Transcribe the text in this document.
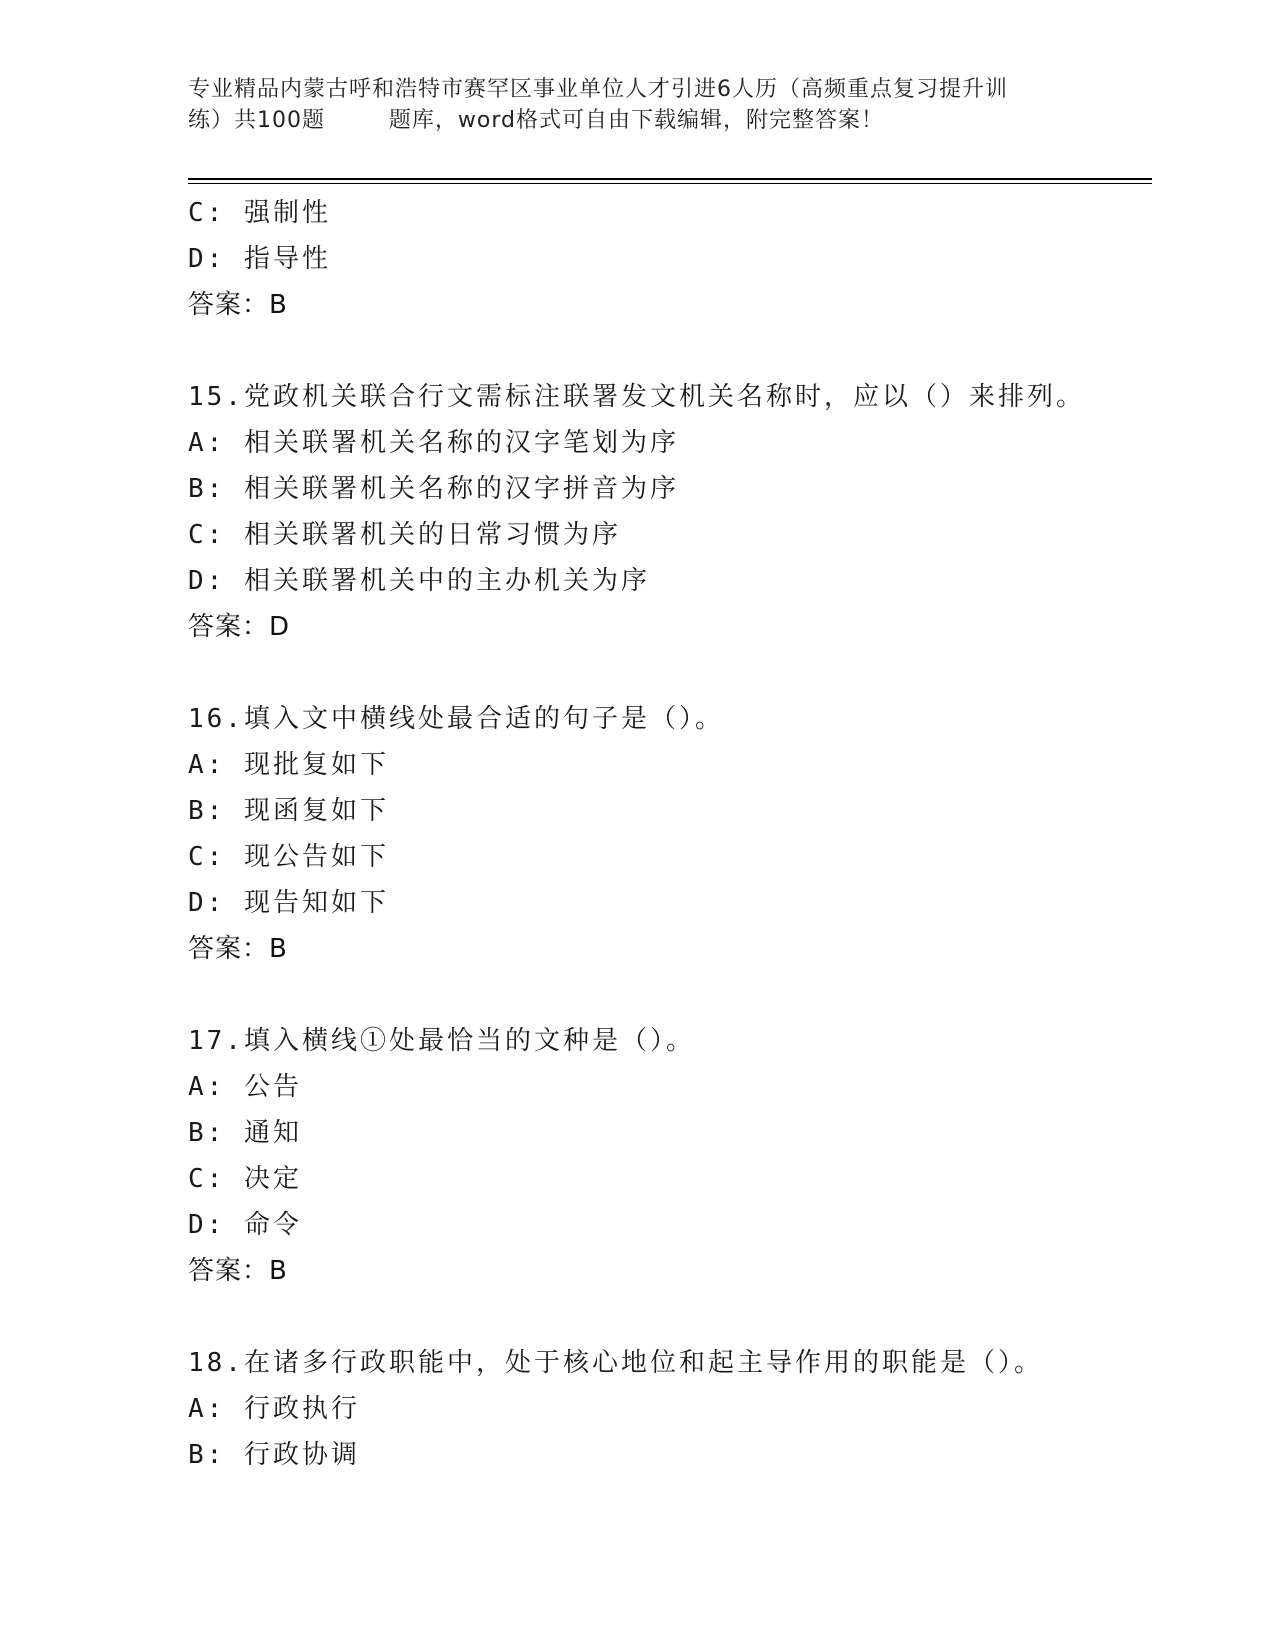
专业精品内蒙古呼和浩特市赛罕区事业单位人才引进6人历（高频重点复习提升训
练）共100题        题库，word格式可自由下载编辑，附完整答案！
C: 强制性
D: 指导性
答案：B
15.党政机关联合行文需标注联署发文机关名称时，应以（）来排列。
A: 相关联署机关名称的汉字笔划为序
B: 相关联署机关名称的汉字拼音为序
C: 相关联署机关的日常习惯为序
D: 相关联署机关中的主办机关为序
答案：D
16.填入文中横线处最合适的句子是（）。
A: 现批复如下
B: 现函复如下
C: 现公告如下
D: 现告知如下
答案：B
17.填入横线①处最恰当的文种是（）。
A: 公告
B: 通知
C: 决定
D: 命令
答案：B
18.在诸多行政职能中，处于核心地位和起主导作用的职能是（）。
A: 行政执行
B: 行政协调
